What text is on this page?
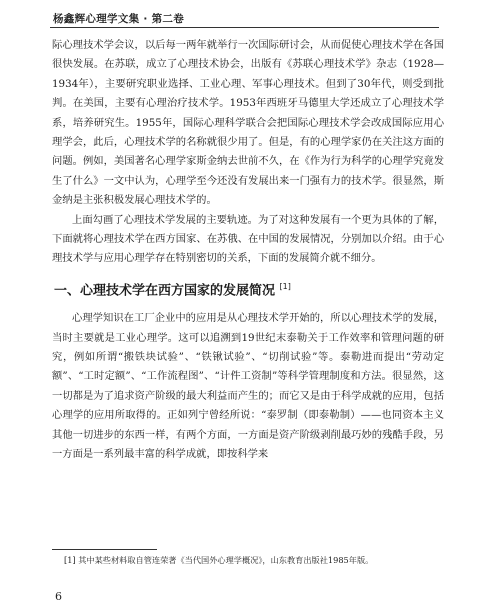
杨鑫辉心理学文集 · 第二卷

际心理技术学会议，以后每一两年就举行一次国际研讨会，从而促使心理技术学在各国很快发展。在苏联，成立了心理技术协会，出版有《苏联心理技术学》杂志（1928—1934年），主要研究职业选择、工业心理、军事心理技术。但到了30年代，则受到批判。在美国，主要有心理治疗技术学。1953年西班牙马德里大学还成立了心理技术学系，培养研究生。1955年，国际心理科学联合会把国际心理技术学会改成国际应用心理学会，此后，心理技术学的名称就很少用了。但是，有的心理学家仍在关注这方面的问题。例如，美国著名心理学家斯金纳去世前不久，在《作为行为科学的心理学究竟发生了什么》一文中认为，心理学至今还没有发展出来一门强有力的技术学。很显然，斯金纳是主张积极发展心理技术学的。

上面勾画了心理技术学发展的主要轨迹。为了对这种发展有一个更为具体的了解，下面就将心理技术学在西方国家、在苏俄、在中国的发展情况，分别加以介绍。由于心理技术学与应用心理学存在特别密切的关系，下面的发展简介就不细分。

一、心理技术学在西方国家的发展简况 [1]

心理学知识在工厂企业中的应用是从心理技术学开始的，所以心理技术学的发展，当时主要就是工业心理学。这可以追溯到19世纪末泰勒关于工作效率和管理问题的研究，例如所谓“搬铁块试验”、“铁锹试验”、“切削试验”等。泰勒进而提出“劳动定额”、“工时定额”、“工作流程图”、“计件工资制”等科学管理制度和方法。很显然，这一切都是为了追求资产阶级的最大利益而产生的；而它又是由于科学成就的应用，包括心理学的应用所取得的。正如列宁曾经所说：“泰罗制（即泰勒制）——也同资本主义其他一切进步的东西一样，有两个方面，一方面是资产阶级剥削最巧妙的残酷手段，另一方面是一系列最丰富的科学成就，即按科学来

[1] 其中某些材料取自管连荣著《当代国外心理学概况》，山东教育出版社1985年版。
6
